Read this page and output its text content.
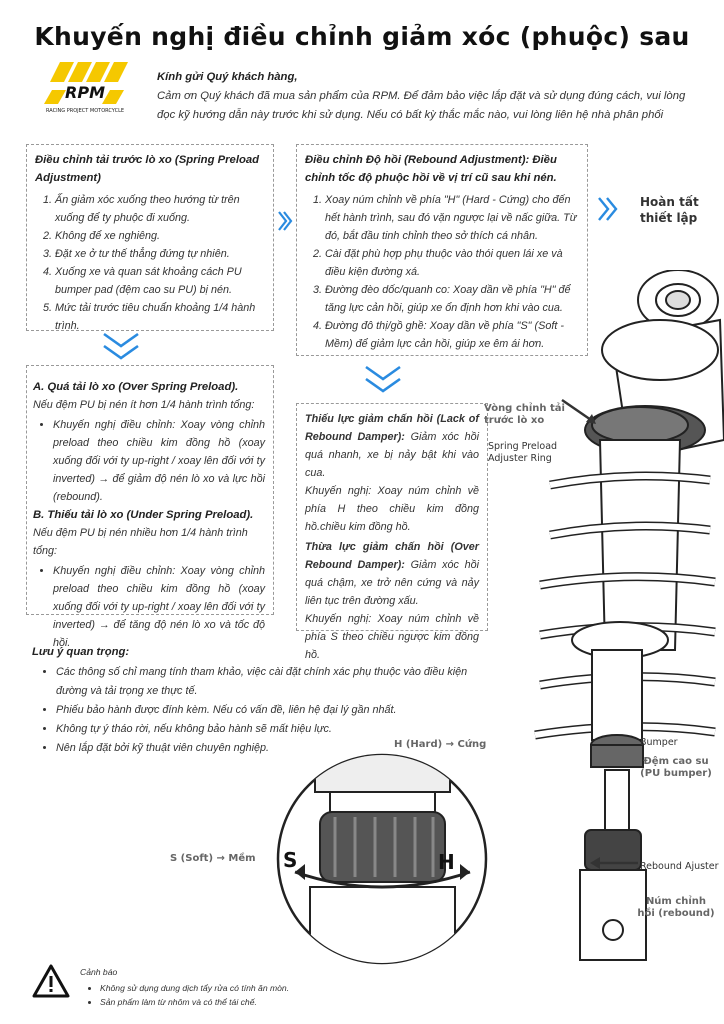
Khuyến nghị điều chỉnh giảm xóc (phuộc) sau
RPM
RACING PROJECT MOTORCYCLE
Kính gửi Quý khách hàng,
Cảm ơn Quý khách đã mua sản phẩm của RPM. Để đảm bảo việc lắp đặt và sử dụng đúng cách, vui lòng đọc kỹ hướng dẫn này trước khi sử dụng. Nếu có bất kỳ thắc mắc nào, vui lòng liên hệ nhà phân phối
Điều chỉnh tải trước lò xo (Spring Preload Adjustment)
1. Ấn giảm xóc xuống theo hướng từ trên xuống để ty phuộc đi xuống.
2. Không để xe nghiêng.
3. Đặt xe ở tư thế thẳng đứng tự nhiên.
4. Xuống xe và quan sát khoảng cách PU bumper pad (đệm cao su PU) bị nén.
5. Mức tải trước tiêu chuẩn khoảng 1/4 hành trình.
Điều chỉnh Độ hồi (Rebound Adjustment): Điều chỉnh tốc độ phuộc hồi về vị trí cũ sau khi nén.
1. Xoay núm chỉnh về phía "H" (Hard - Cứng) cho đến hết hành trình, sau đó vặn ngược lại về nấc giữa. Từ đó, bắt đầu tinh chỉnh theo sở thích cá nhân.
2. Cài đặt phù hợp phụ thuộc vào thói quen lái xe và điều kiện đường xá.
3. Đường đèo dốc/quanh co: Xoay dần về phía "H" để tăng lực cản hồi, giúp xe ổn định hơn khi vào cua.
4. Đường đô thị/gồ ghề: Xoay dần về phía "S" (Soft - Mềm) để giảm lực cản hồi, giúp xe êm ái hơn.
Hoàn tất thiết lập
A. Quá tải lò xo (Over Spring Preload).
Nếu đệm PU bị nén ít hơn 1/4 hành trình tổng:
• Khuyến nghị điều chỉnh: Xoay vòng chỉnh preload theo chiều kim đồng hồ (xoay xuống đối với ty up-right / xoay lên đối với ty inverted) → để giảm độ nén lò xo và lực hồi (rebound).
B. Thiếu tải lò xo (Under Spring Preload).
Nếu đệm PU bị nén nhiều hơn 1/4 hành trình tổng:
• Khuyến nghị điều chỉnh: Xoay vòng chỉnh preload theo chiều kim đồng hồ (xoay xuống đối với ty up-right / xoay lên đối với ty inverted) → để tăng độ nén lò xo và tốc độ hồi.
Thiếu lực giảm chấn hồi (Lack of Rebound Damper): Giảm xóc hồi quá nhanh, xe bị nảy bật khi vào cua.
Khuyến nghị: Xoay núm chỉnh về phía H theo chiều kim đồng hồ.chiều kim đồng hồ.
Thừa lực giảm chấn hồi (Over Rebound Damper): Giảm xóc hồi quá chậm, xe trở nên cứng và nảy liên tục trên đường xấu.
Khuyến nghị: Xoay núm chỉnh về phía S theo chiều ngược kim đồng hồ.
Lưu ý quan trọng:
• Các thông số chỉ mang tính tham khảo, việc cài đặt chính xác phụ thuộc vào điều kiện đường và tải trọng xe thực tế.
• Phiếu bảo hành được đính kèm. Nếu có vấn đề, liên hệ đại lý gần nhất.
• Không tự ý tháo rời, nếu không bảo hành sẽ mất hiệu lực.
• Nên lắp đặt bởi kỹ thuật viên chuyên nghiệp.
Vòng chỉnh tải trước lò xo
Spring Preload Adjuster Ring
Bumper
Đệm cao su (PU bumper)
Rebound Ajuster
Núm chỉnh hồi (rebound)
H (Hard) → Cứng
S (Soft) → Mềm S	H
Cảnh báo
• Không sử dụng dung dịch tẩy rửa có tính ăn mòn.
• Sản phẩm làm từ nhôm và có thể tái chế.
